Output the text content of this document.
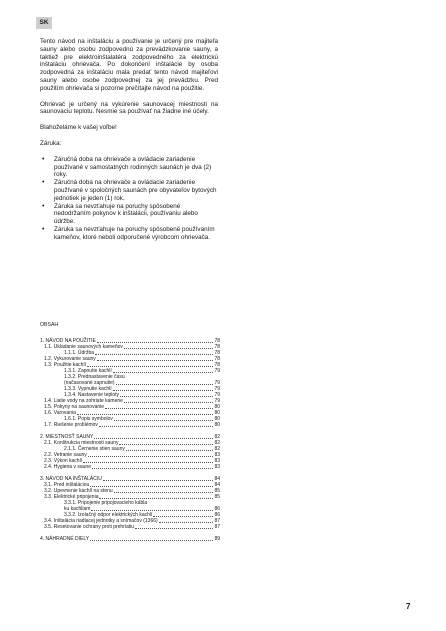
SK

Tento návod na inštaláciu a používanie je určený pre majiteľa sauny alebo osobu zodpovednú za prevádzkovanie sauny, a taktiež pre elektroinštalatéra zodpovedného za elektrickú inštaláciu ohrievača. Po dokončení inštalácie by osoba zodpovedná za inštaláciu mala predať tento návod majiteľovi sauny alebo osobe zodpovednej za jej prevádzku. Pred použitím ohrievača si pozorne prečítajte návod na použitie.

Ohrievač je určený na vykúrenie saunovacej miestnosti na saunovaciu teplotu. Nesmie sa používať na žiadne iné účely.

Blahoželáme k vašej voľbe!

Záruka:

• Záručná doba na ohrievače a ovládacie zariadenie používané v samostatných rodinných saunách je dva (2) roky.
• Záručná doba na ohrievače a ovládacie zariadenie používané v spoločných saunách pre obyvateľov bytových jednotiek je jeden (1) rok.
• Záruka sa nevzťahuje na poruchy spôsobené nedodržaním pokynov k inštalácii, používaniu alebo údržbe.
• Záruka sa nevzťahuje na poruchy spôsobené používaním kameňov, ktoré neboli odporučené výrobcom ohrievača.
OBSAH
1. NÁVOD NA POUŽITIE	78
1.1. Ukladanie saunových kameňov	78
1.1.1. Údržba	78
1.2. Vykurovanie sauny	78
1.3. Použitie kachlí	78
1.3.1. Zapnutie kachlí	79
1.3.2. Prednastavenie času
(načasované zapnutie)	79
1.3.3. Vypnutie kachlí	79
1.3.4. Nastavenie teploty	79
1.4. Liatie vody na zohriate kamene	79
1.5. Pokyny na saunovanie	80
1.6. Varovania	80
1.6.1. Popis symbolov	80
1.7. Riešenie problémov	80
2. MIESTNOSŤ SAUNY	82
2.1. Konštrukcia miestnosti sauny	82
2.1.1. Černenie stien sauny	82
2.2. Vetranie sauny	83
2.3. Výkon kachlí	83
2.4. Hygiena v saune	83
3. NÁVOD NA INŠTALÁCIU	84
3.1. Pred inštaláciou	84
3.2. Upevnenie kachlí na stenu	85
3.3. Elektrické pripojenia	85
3.3.1. Pripojenie pripojovacieho kábla
ku kachliam	86
3.3.2. Izolačný odpor elektrických kachlí	86
3.4. Inštalácia riadiacej jednotky a snímačov (1366)	87
3.5. Resetovanie ochrany proti prehriatiu	87
4. NÁHRADNÉ DIELY	89
7
